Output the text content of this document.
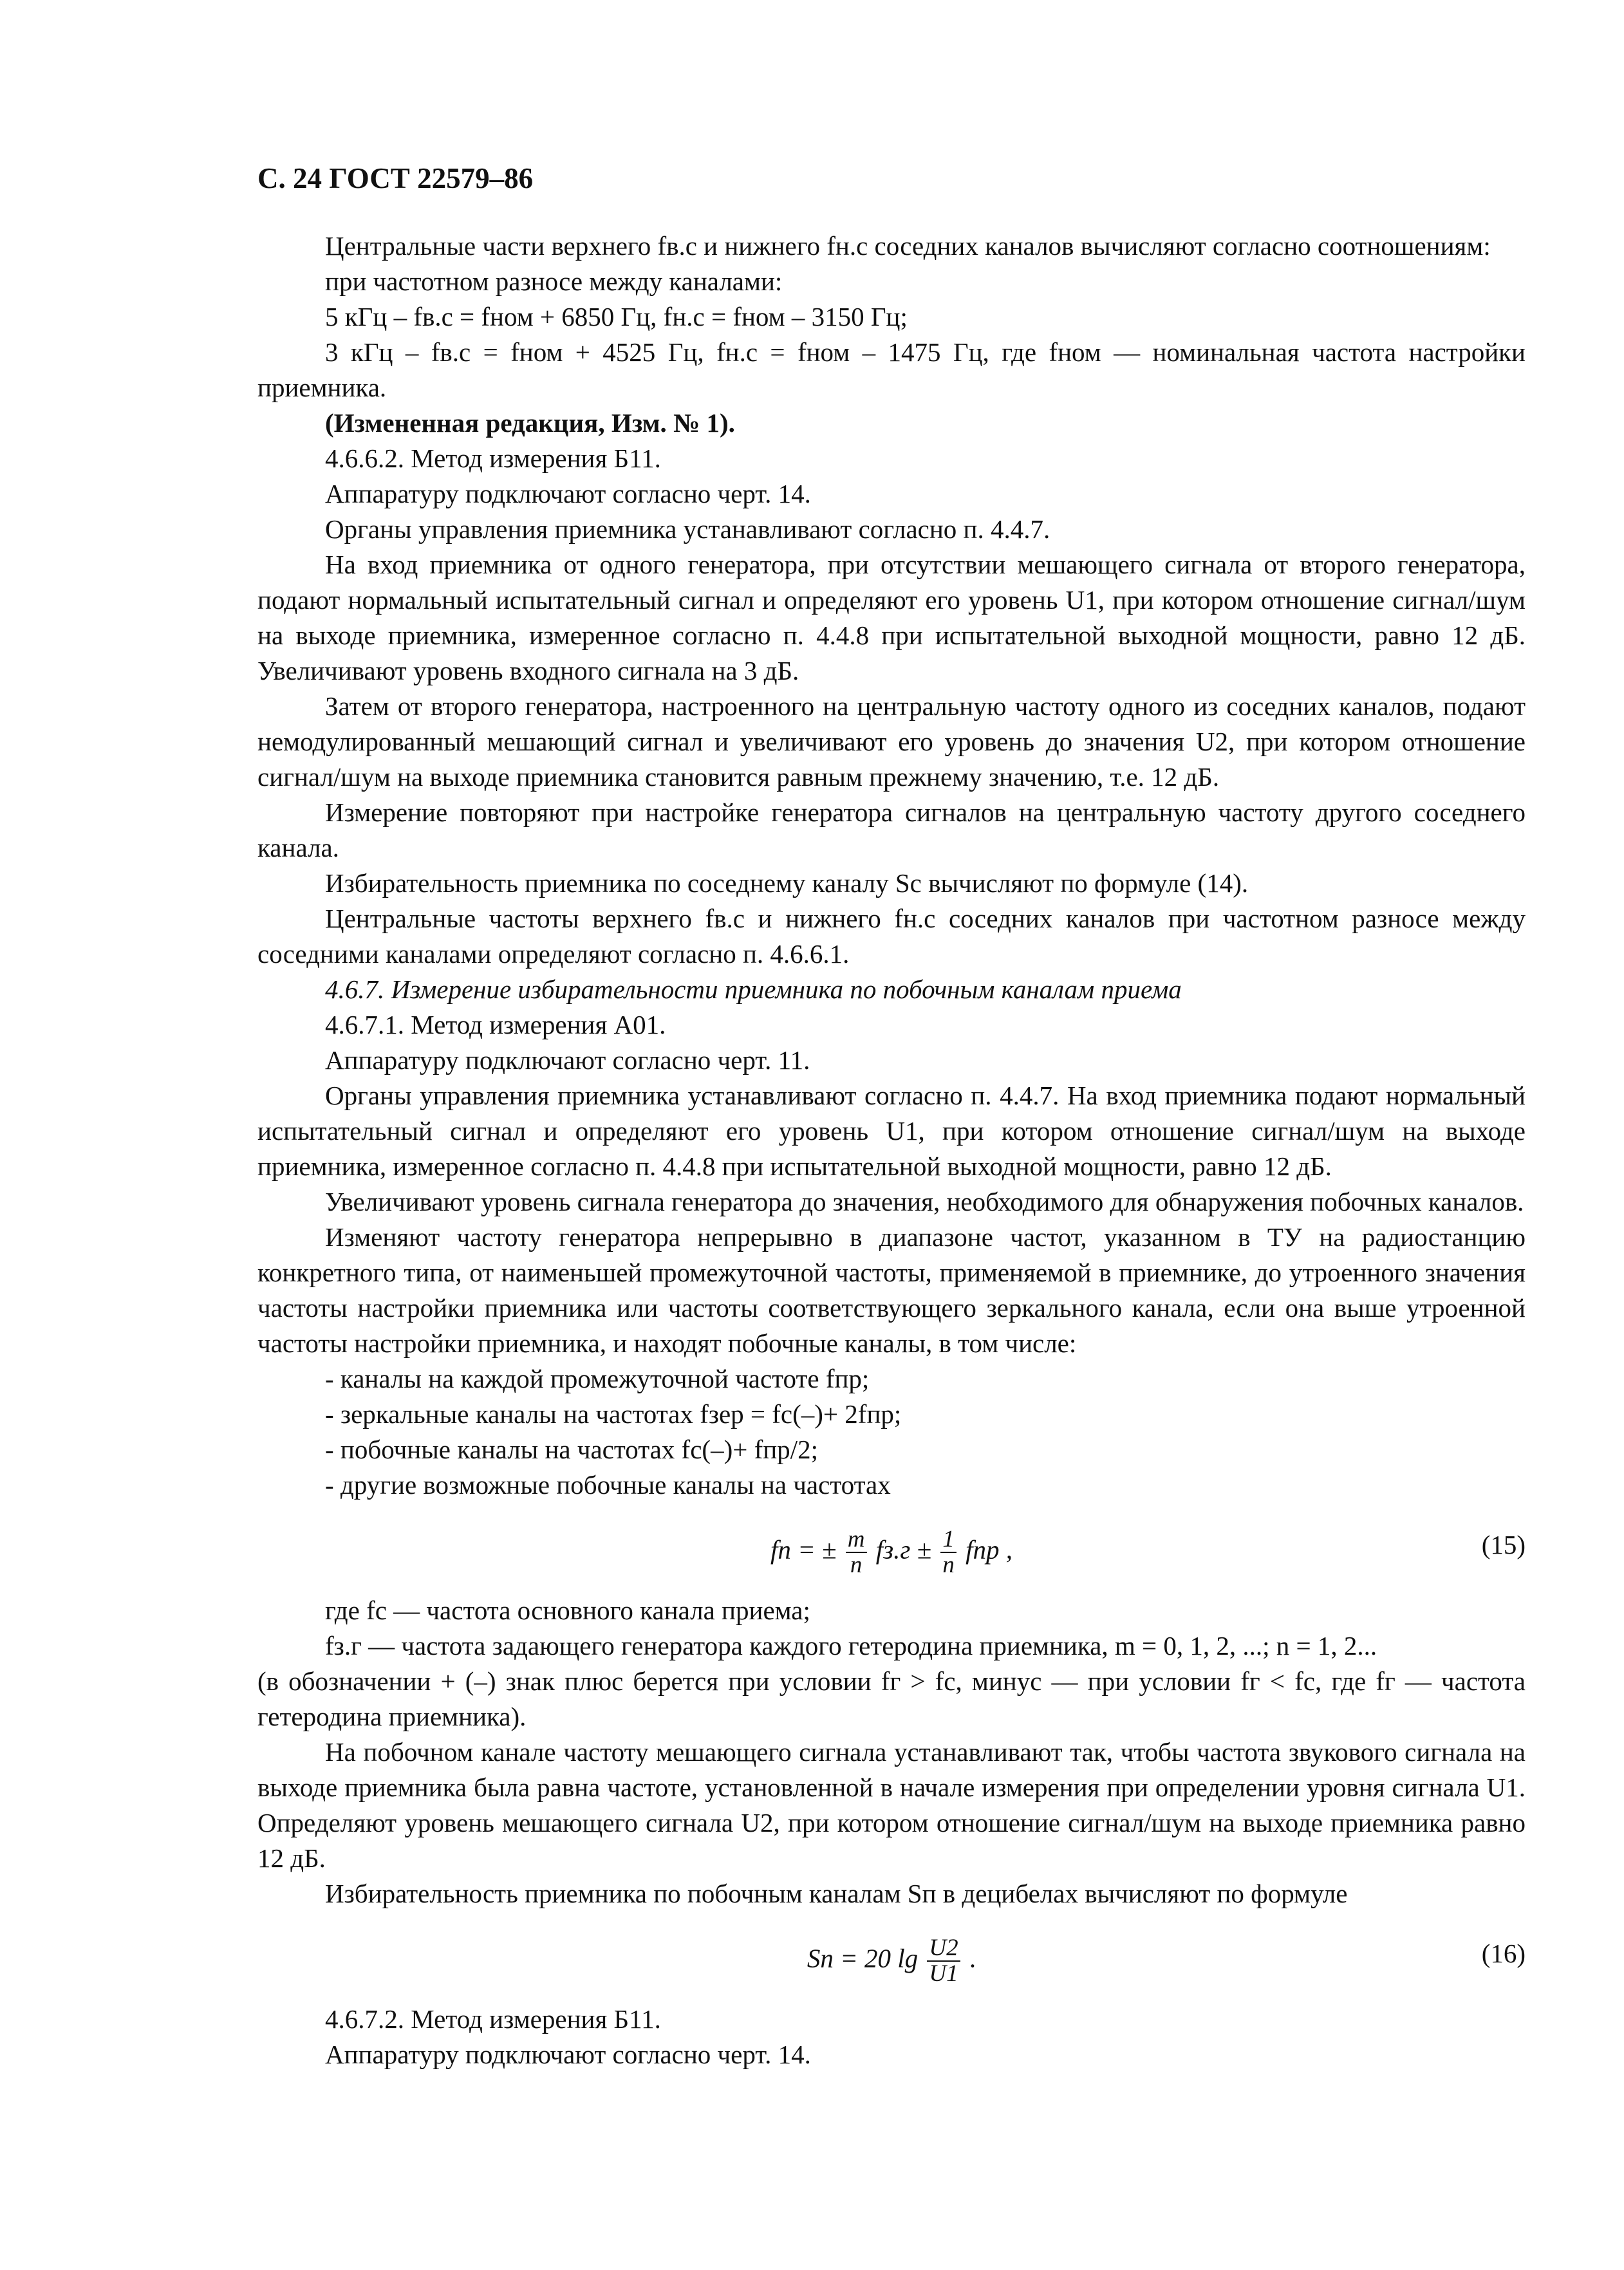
С. 24 ГОСТ 22579–86

Центральные части верхнего fв.с и нижнего fн.с соседних каналов вычисляют согласно соотношениям:

при частотном разносе между каналами:

5 кГц – fв.с = fном + 6850 Гц, fн.с = fном – 3150 Гц;

3 кГц – fв.с = fном + 4525 Гц, fн.с = fном – 1475 Гц, где fном — номинальная частота настройки приемника.

(Измененная редакция, Изм. № 1).

4.6.6.2. Метод измерения Б11.

Аппаратуру подключают согласно черт. 14.

Органы управления приемника устанавливают согласно п. 4.4.7.

На вход приемника от одного генератора, при отсутствии мешающего сигнала от второго генератора, подают нормальный испытательный сигнал и определяют его уровень U1, при котором отношение сигнал/шум на выходе приемника, измеренное согласно п. 4.4.8 при испытательной выходной мощности, равно 12 дБ. Увеличивают уровень входного сигнала на 3 дБ.

Затем от второго генератора, настроенного на центральную частоту одного из соседних каналов, подают немодулированный мешающий сигнал и увеличивают его уровень до значения U2, при котором отношение сигнал/шум на выходе приемника становится равным прежнему значению, т.е. 12 дБ.

Измерение повторяют при настройке генератора сигналов на центральную частоту другого соседнего канала.

Избирательность приемника по соседнему каналу Sс вычисляют по формуле (14).

Центральные частоты верхнего fв.с и нижнего fн.с соседних каналов при частотном разносе между соседними каналами определяют согласно п. 4.6.6.1.

4.6.7. Измерение избирательности приемника по побочным каналам приема

4.6.7.1. Метод измерения А01.

Аппаратуру подключают согласно черт. 11.

Органы управления приемника устанавливают согласно п. 4.4.7. На вход приемника подают нормальный испытательный сигнал и определяют его уровень U1, при котором отношение сигнал/шум на выходе приемника, измеренное согласно п. 4.4.8 при испытательной выходной мощности, равно 12 дБ.

Увеличивают уровень сигнала генератора до значения, необходимого для обнаружения побочных каналов.

Изменяют частоту генератора непрерывно в диапазоне частот, указанном в ТУ на радиостанцию конкретного типа, от наименьшей промежуточной частоты, применяемой в приемнике, до утроенного значения частоты настройки приемника или частоты соответствующего зеркального канала, если она выше утроенной частоты настройки приемника, и находят побочные каналы, в том числе:

- каналы на каждой промежуточной частоте fпр;

- зеркальные каналы на частотах fзер = fc(–)+ 2fпр;

- побочные каналы на частотах fc(–)+ fпр/2;

- другие возможные побочные каналы на частотах

fп = ± $\frac{m}{n} fз.г \pm \frac{1}{n}$ fпр ,	(15)

где fс — частота основного канала приема;

fз.г — частота задающего генератора каждого гетеродина приемника, m = 0, 1, 2, ...; n = 1, 2...

(в обозначении + (–) знак плюс берется при условии fг > fс, минус — при условии fг < fс, где fг — частота гетеродина приемника).

На побочном канале частоту мешающего сигнала устанавливают так, чтобы частота звукового сигнала на выходе приемника была равна частоте, установленной в начале измерения при определении уровня сигнала U1. Определяют уровень мешающего сигнала U2, при котором отношение сигнал/шум на выходе приемника равно 12 дБ.

Избирательность приемника по побочным каналам Sп в децибелах вычисляют по формуле

Sп = 20 $\lg \frac{U2}{U1}$ .	(16)

4.6.7.2. Метод измерения Б11.

Аппаратуру подключают согласно черт. 14.
